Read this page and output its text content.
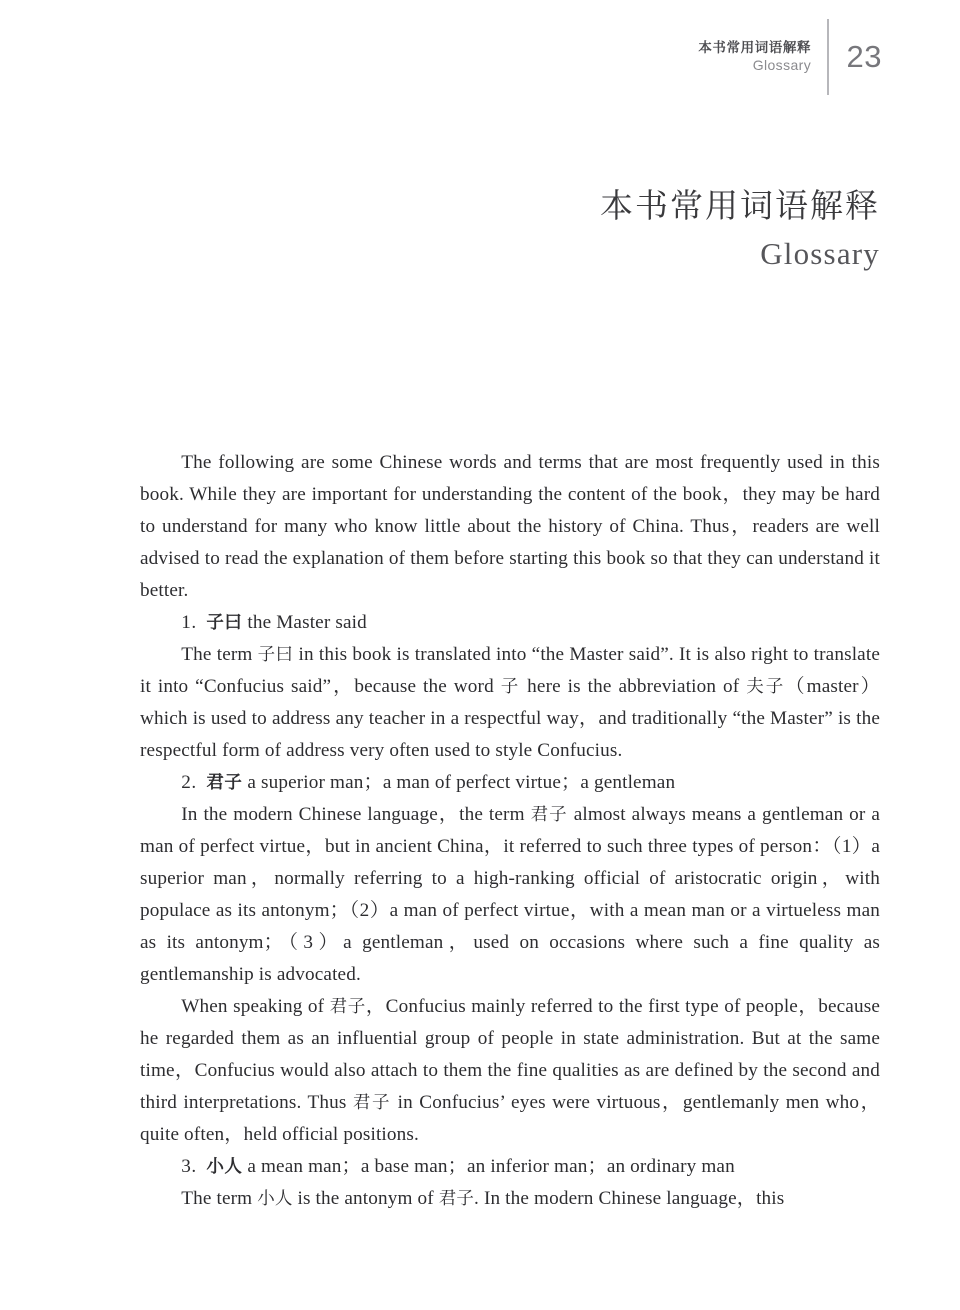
本书常用词语解释
Glossary	23
本书常用词语解释
Glossary

The following are some Chinese words and terms that are most frequently used in this book. While they are important for understanding the content of the book，they may be hard to understand for many who know little about the history of China. Thus，readers are well advised to read the explanation of them before starting this book so that they can understand it better.

1.  子曰 the Master said

The term 子曰 in this book is translated into “the Master said”. It is also right to translate it into “Confucius said”，because the word 子 here is the abbreviation of 夫子（master）which is used to address any teacher in a respectful way，and traditionally “the Master” is the respectful form of address very often used to style Confucius.

2.  君子 a superior man；a man of perfect virtue；a gentleman

In the modern Chinese language，the term 君子 almost always means a gentleman or a man of perfect virtue，but in ancient China，it referred to such three types of person：（1）a superior man，normally referring to a high-ranking official of aristocratic origin，with populace as its antonym；（2）a man of perfect virtue，with a mean man or a virtueless man as its antonym；（3）a gentleman，used on occasions where such a fine quality as gentlemanship is advocated.

When speaking of 君子，Confucius mainly referred to the first type of people，because he regarded them as an influential group of people in state administration. But at the same time，Confucius would also attach to them the fine qualities as are defined by the second and third interpretations. Thus 君子 in Confucius’ eyes were virtuous，gentlemanly men who，quite often，held official positions.

3.  小人 a mean man；a base man；an inferior man；an ordinary man

The term 小人 is the antonym of 君子. In the modern Chinese language，this
